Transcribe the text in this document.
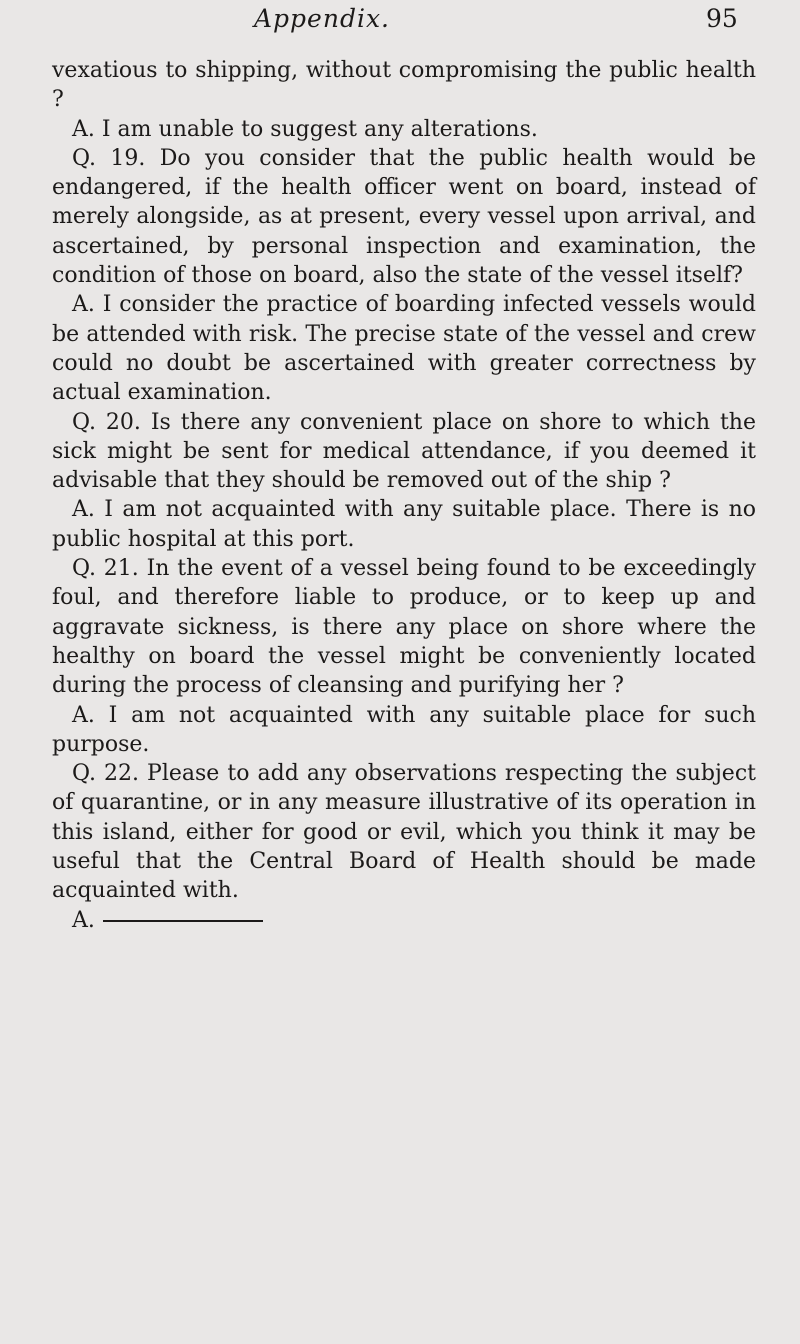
Appendix.	95

vexatious to shipping, without compromising the public health ?

A. I am unable to suggest any alterations.

Q. 19. Do you consider that the public health would be endangered, if the health officer went on board, instead of merely alongside, as at present, every vessel upon arrival, and ascertained, by personal inspection and examination, the condition of those on board, also the state of the vessel itself?

A. I consider the practice of boarding infected vessels would be attended with risk. The precise state of the vessel and crew could no doubt be ascertained with greater correctness by actual examination.

Q. 20. Is there any convenient place on shore to which the sick might be sent for medical attendance, if you deemed it advisable that they should be removed out of the ship ?

A. I am not acquainted with any suitable place. There is no public hospital at this port.

Q. 21. In the event of a vessel being found to be exceedingly foul, and therefore liable to produce, or to keep up and aggravate sickness, is there any place on shore where the healthy on board the vessel might be conveniently located during the process of cleansing and purifying her ?

A. I am not acquainted with any suitable place for such purpose.

Q. 22. Please to add any observations respecting the subject of quarantine, or in any measure illustrative of its operation in this island, either for good or evil, which you think it may be useful that the Central Board of Health should be made acquainted with.

A.
